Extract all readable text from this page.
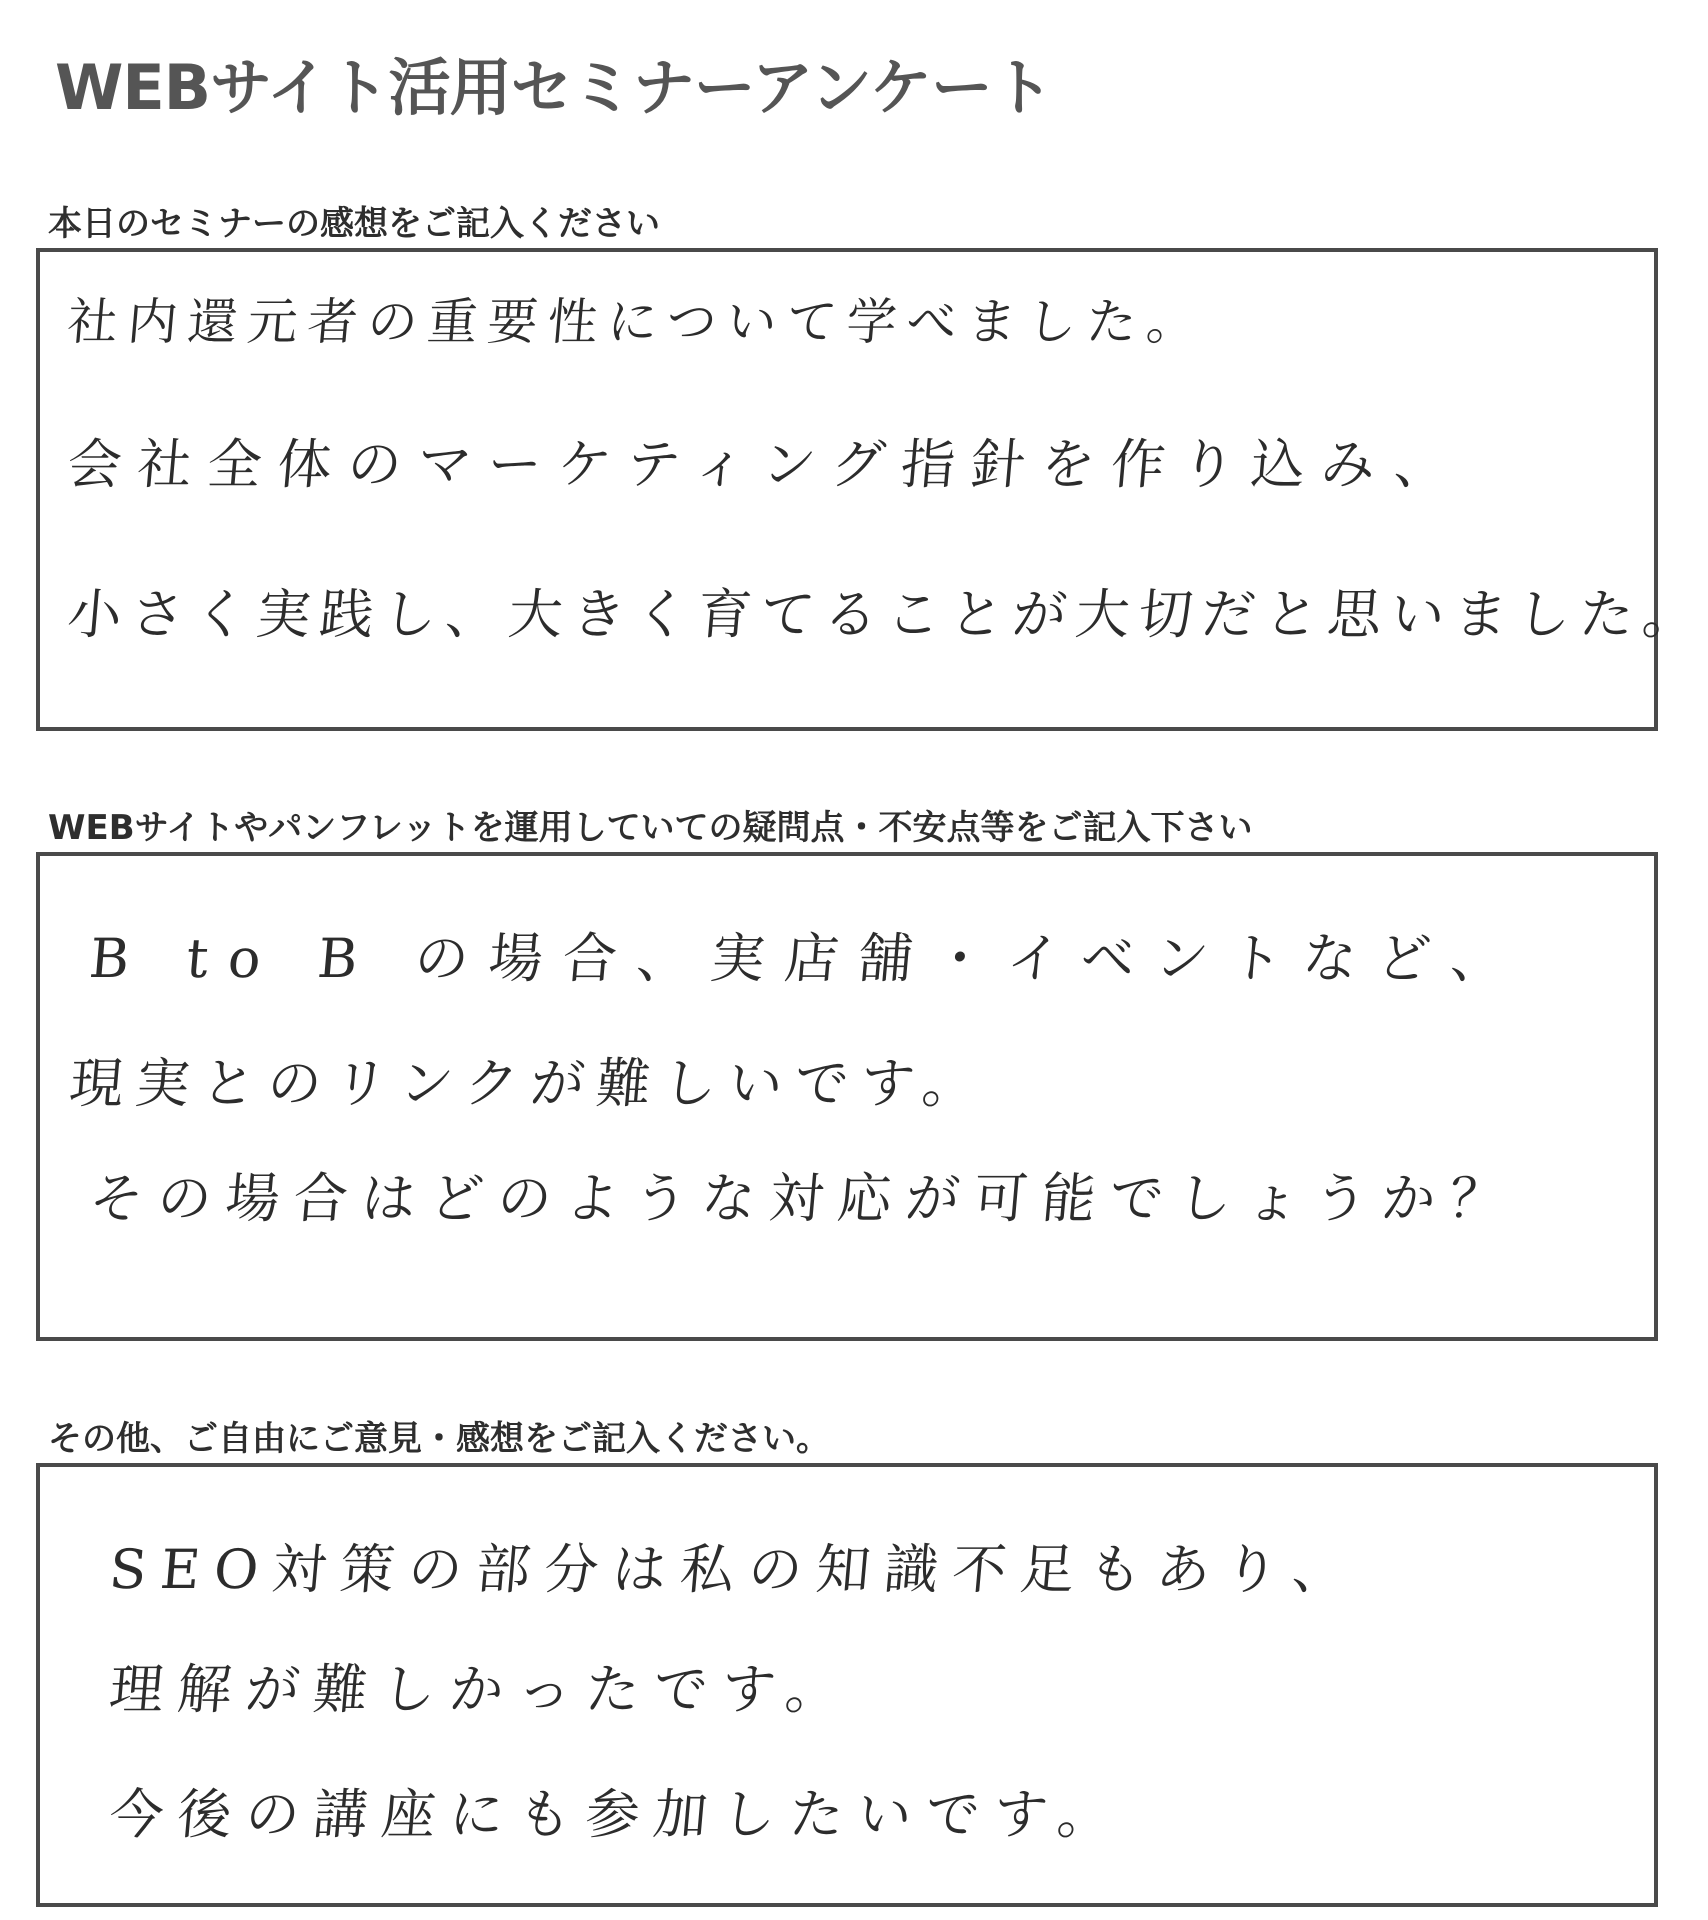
WEBサイト活用セミナーアンケート
本日のセミナーの感想をご記入ください
社内還元者の重要性について学べました。
会社全体のマーケティング指針を作り込み、
小さく実践し、大きく育てることが大切だと思いました。
WEBサイトやパンフレットを運用していての疑問点・不安点等をご記入下さい
B to B の場合、実店舗・イベントなど、
現実とのリンクが難しいです。
その場合はどのような対応が可能でしょうか？
その他、ご自由にご意見・感想をご記入ください。
SEO対策の部分は私の知識不足もあり、
理解が難しかったです。
今後の講座にも参加したいです。
